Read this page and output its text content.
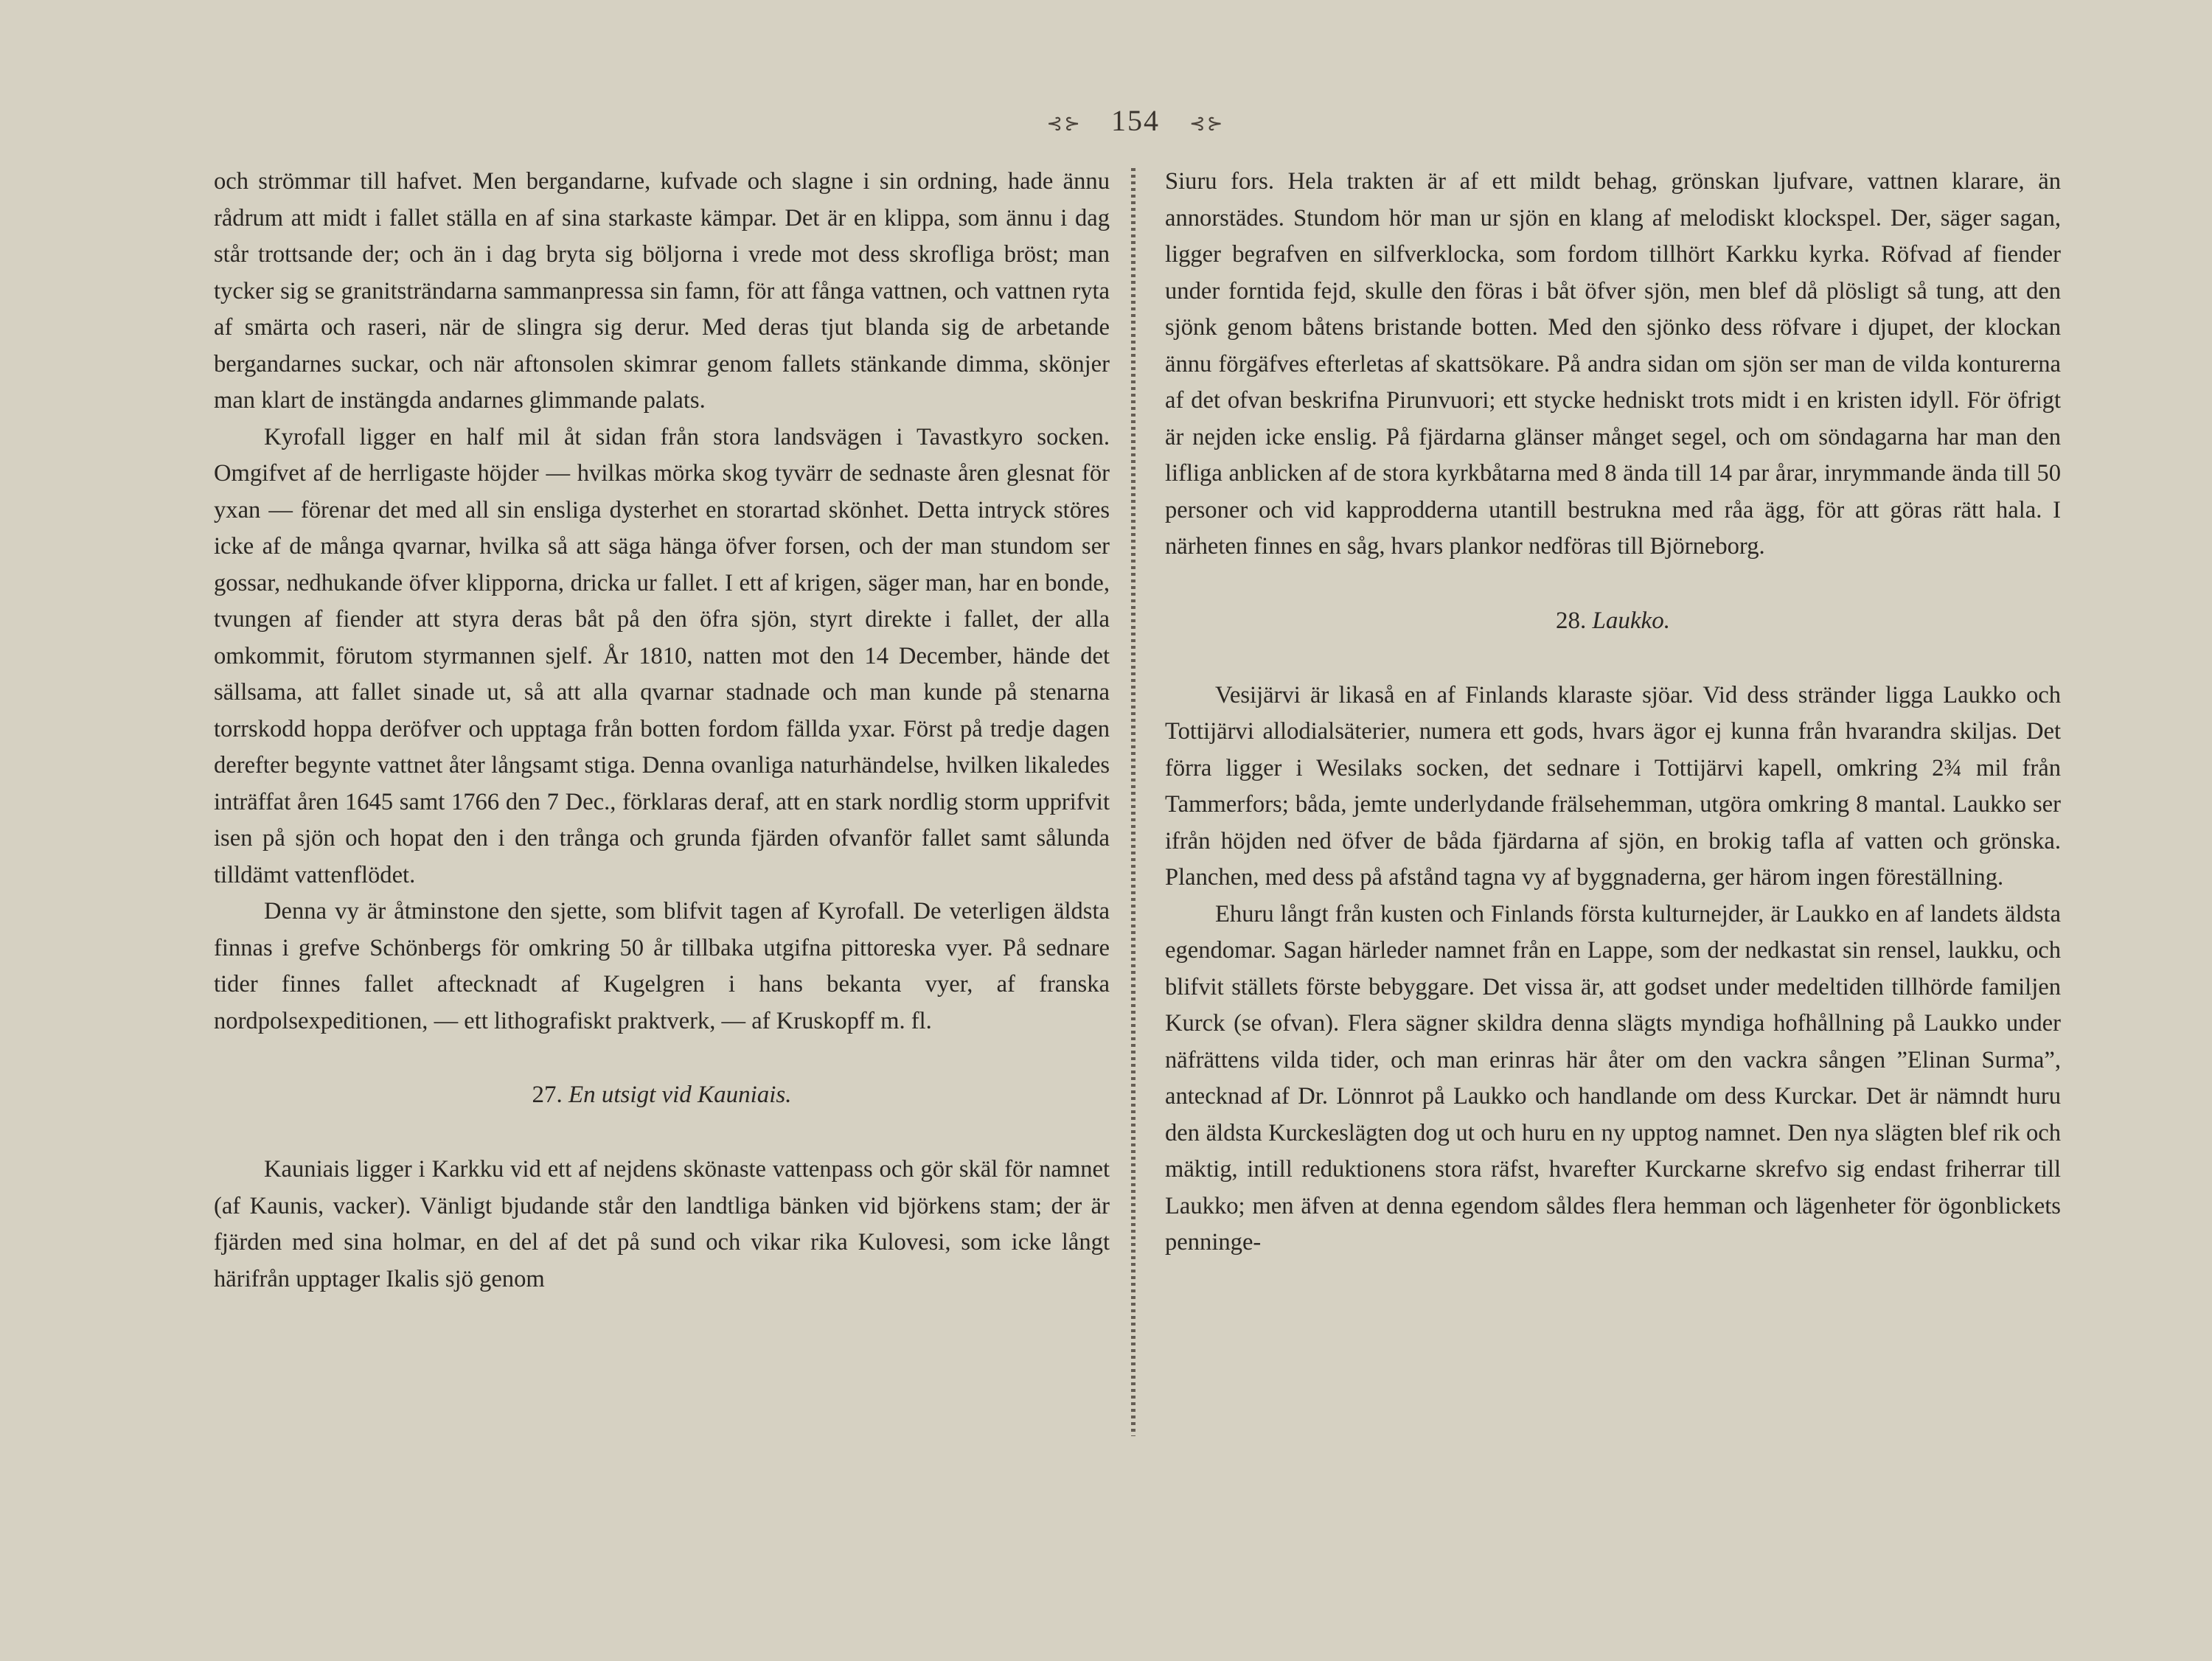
⊰⊱ 154 ⊰⊱

och strömmar till hafvet. Men bergandarne, kufvade och slagne i sin ordning, hade ännu rådrum att midt i fallet ställa en af sina starkaste kämpar. Det är en klippa, som ännu i dag står trottsande der; och än i dag bryta sig böljorna i vrede mot dess skrofliga bröst; man tycker sig se granitsträndarna sammanpressa sin famn, för att fånga vattnen, och vattnen ryta af smärta och raseri, när de slingra sig derur. Med deras tjut blanda sig de arbetande bergandarnes suckar, och när aftonsolen skimrar genom fallets stänkande dimma, skönjer man klart de instängda andarnes glimmande palats.

Kyrofall ligger en half mil åt sidan från stora landsvägen i Tavastkyro socken. Omgifvet af de herrligaste höjder — hvilkas mörka skog tyvärr de sednaste åren glesnat för yxan — förenar det med all sin ensliga dysterhet en storartad skönhet. Detta intryck störes icke af de många qvarnar, hvilka så att säga hänga öfver forsen, och der man stundom ser gossar, nedhukande öfver klipporna, dricka ur fallet. I ett af krigen, säger man, har en bonde, tvungen af fiender att styra deras båt på den öfra sjön, styrt direkte i fallet, der alla omkommit, förutom styrmannen sjelf. År 1810, natten mot den 14 December, hände det sällsama, att fallet sinade ut, så att alla qvarnar stadnade och man kunde på stenarna torrskodd hoppa deröfver och upptaga från botten fordom fällda yxar. Först på tredje dagen derefter begynte vattnet åter långsamt stiga. Denna ovanliga naturhändelse, hvilken likaledes inträffat åren 1645 samt 1766 den 7 Dec., förklaras deraf, att en stark nordlig storm upprifvit isen på sjön och hopat den i den trånga och grunda fjärden ofvanför fallet samt sålunda tilldämt vattenflödet.

Denna vy är åtminstone den sjette, som blifvit tagen af Kyrofall. De veterligen äldsta finnas i grefve Schönbergs för omkring 50 år tillbaka utgifna pittoreska vyer. På sednare tider finnes fallet aftecknadt af Kugelgren i hans bekanta vyer, af franska nordpolsexpeditionen, — ett lithografiskt praktverk, — af Kruskopff m. fl.

27. En utsigt vid Kauniais.

Kauniais ligger i Karkku vid ett af nejdens skönaste vattenpass och gör skäl för namnet (af Kaunis, vacker). Vänligt bjudande står den landtliga bänken vid björkens stam; der är fjärden med sina holmar, en del af det på sund och vikar rika Kulovesi, som icke långt härifrån upptager Ikalis sjö genom

Siuru fors. Hela trakten är af ett mildt behag, grönskan ljufvare, vattnen klarare, än annorstädes. Stundom hör man ur sjön en klang af melodiskt klockspel. Der, säger sagan, ligger begrafven en silfverklocka, som fordom tillhört Karkku kyrka. Röfvad af fiender under forntida fejd, skulle den föras i båt öfver sjön, men blef då plösligt så tung, att den sjönk genom båtens bristande botten. Med den sjönko dess röfvare i djupet, der klockan ännu förgäfves efterletas af skattsökare. På andra sidan om sjön ser man de vilda konturerna af det ofvan beskrifna Pirunvuori; ett stycke hedniskt trots midt i en kristen idyll. För öfrigt är nejden icke enslig. På fjärdarna glänser månget segel, och om söndagarna har man den lifliga anblicken af de stora kyrkbåtarna med 8 ända till 14 par årar, inrymmande ända till 50 personer och vid kapprodderna utantill bestrukna med råa ägg, för att göras rätt hala. I närheten finnes en såg, hvars plankor nedföras till Björneborg.

28. Laukko.

Vesijärvi är likaså en af Finlands klaraste sjöar. Vid dess stränder ligga Laukko och Tottijärvi allodialsäterier, numera ett gods, hvars ägor ej kunna från hvarandra skiljas. Det förra ligger i Wesilaks socken, det sednare i Tottijärvi kapell, omkring 2¾ mil från Tammerfors; båda, jemte underlydande frälsehemman, utgöra omkring 8 mantal. Laukko ser ifrån höjden ned öfver de båda fjärdarna af sjön, en brokig tafla af vatten och grönska. Planchen, med dess på afstånd tagna vy af byggnaderna, ger härom ingen föreställning.

Ehuru långt från kusten och Finlands första kulturnejder, är Laukko en af landets äldsta egendomar. Sagan härleder namnet från en Lappe, som der nedkastat sin rensel, laukku, och blifvit ställets förste bebyggare. Det vissa är, att godset under medeltiden tillhörde familjen Kurck (se ofvan). Flera sägner skildra denna slägts myndiga hofhållning på Laukko under näfrättens vilda tider, och man erinras här åter om den vackra sången ”Elinan Surma”, antecknad af Dr. Lönnrot på Laukko och handlande om dess Kurckar. Det är nämndt huru den äldsta Kurckeslägten dog ut och huru en ny upptog namnet. Den nya slägten blef rik och mäktig, intill reduktionens stora räfst, hvarefter Kurckarne skrefvo sig endast friherrar till Laukko; men äfven at denna egendom såldes flera hemman och lägenheter för ögonblickets penninge-
